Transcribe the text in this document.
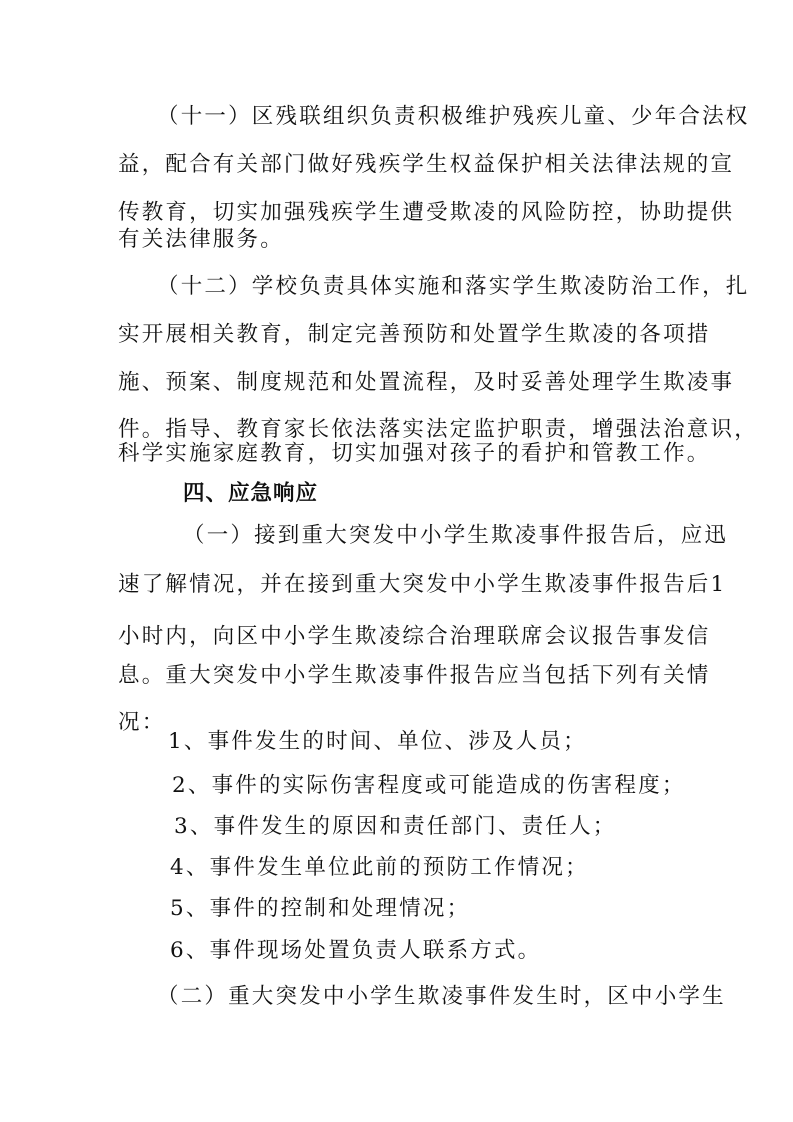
（十一）区残联组织负责积极维护残疾儿童、少年合法权
益，配合有关部门做好残疾学生权益保护相关法律法规的宣
传教育，切实加强残疾学生遭受欺凌的风险防控，协助提供
有关法律服务。
（十二）学校负责具体实施和落实学生欺凌防治工作，扎
实开展相关教育，制定完善预防和处置学生欺凌的各项措
施、预案、制度规范和处置流程，及时妥善处理学生欺凌事
件。指导、教育家长依法落实法定监护职责，增强法治意识，
科学实施家庭教育，切实加强对孩子的看护和管教工作。
四、应急响应
（一）接到重大突发中小学生欺凌事件报告后，应迅
速了解情况，并在接到重大突发中小学生欺凌事件报告后1
小时内，向区中小学生欺凌综合治理联席会议报告事发信
息。重大突发中小学生欺凌事件报告应当包括下列有关情
况：
1、事件发生的时间、单位、涉及人员；
2、事件的实际伤害程度或可能造成的伤害程度；
3、事件发生的原因和责任部门、责任人；
4、事件发生单位此前的预防工作情况；
5、事件的控制和处理情况；
6、事件现场处置负责人联系方式。
（二）重大突发中小学生欺凌事件发生时，区中小学生
